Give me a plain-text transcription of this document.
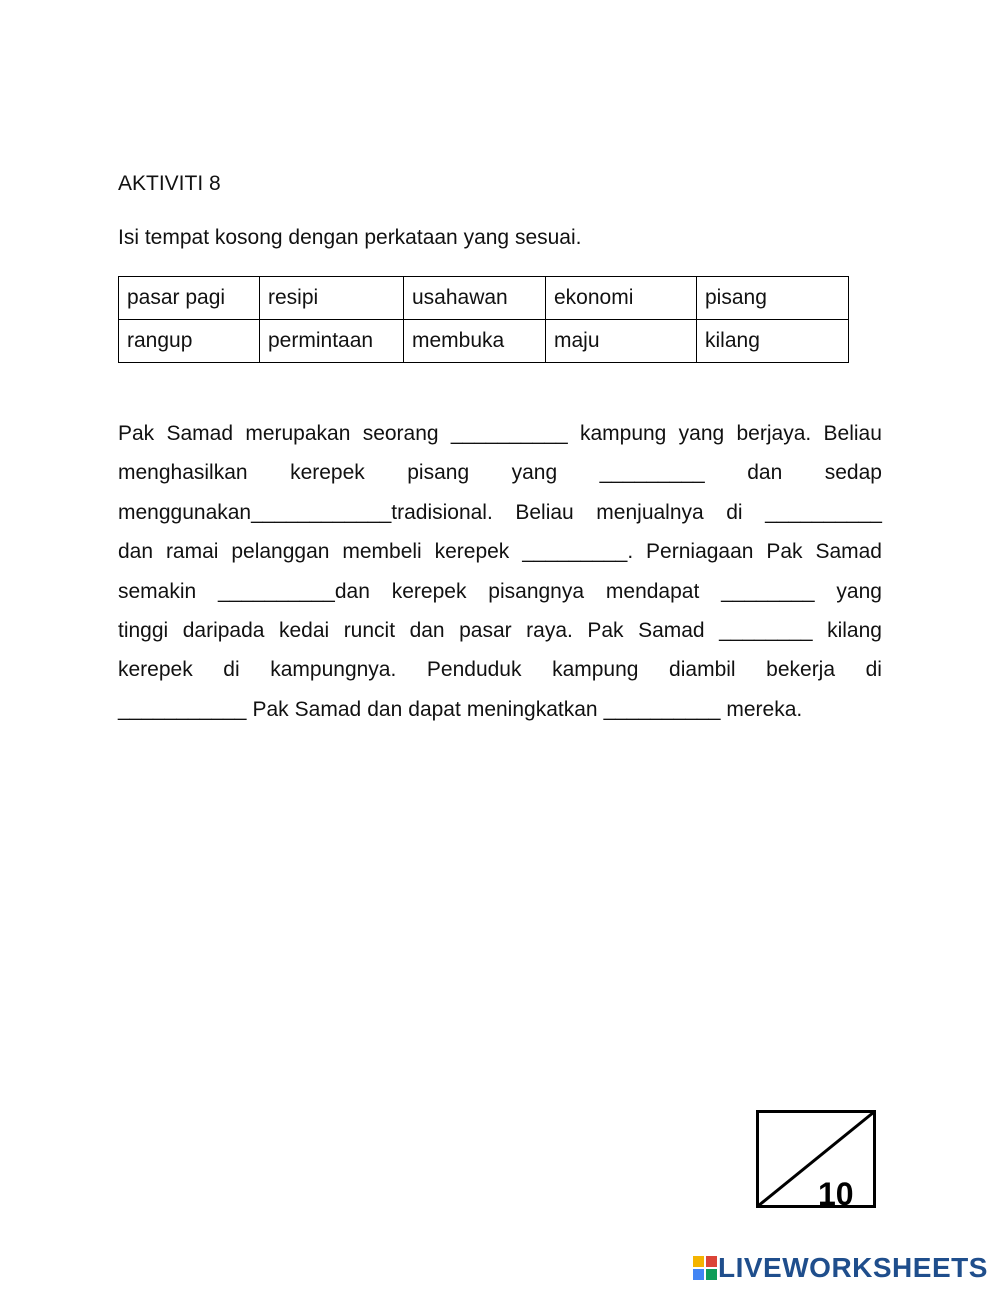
AKTIVITI 8
Isi tempat kosong dengan perkataan yang sesuai.
pasar pagi	resipi	usahawan	ekonomi	pisang
rangup	permintaan	membuka	maju	kilang
Pak Samad merupakan seorang __________ kampung yang berjaya. Beliau
menghasilkan kerepek pisang yang _________ dan sedap
menggunakan____________tradisional. Beliau menjualnya di __________
dan ramai pelanggan membeli kerepek _________. Perniagaan Pak Samad
semakin __________dan kerepek pisangnya mendapat ________ yang
tinggi daripada kedai runcit dan pasar raya. Pak Samad ________ kilang
kerepek di kampungnya. Penduduk kampung diambil bekerja di
___________ Pak Samad dan dapat meningkatkan __________ mereka.
10
LIVEWORKSHEETS
